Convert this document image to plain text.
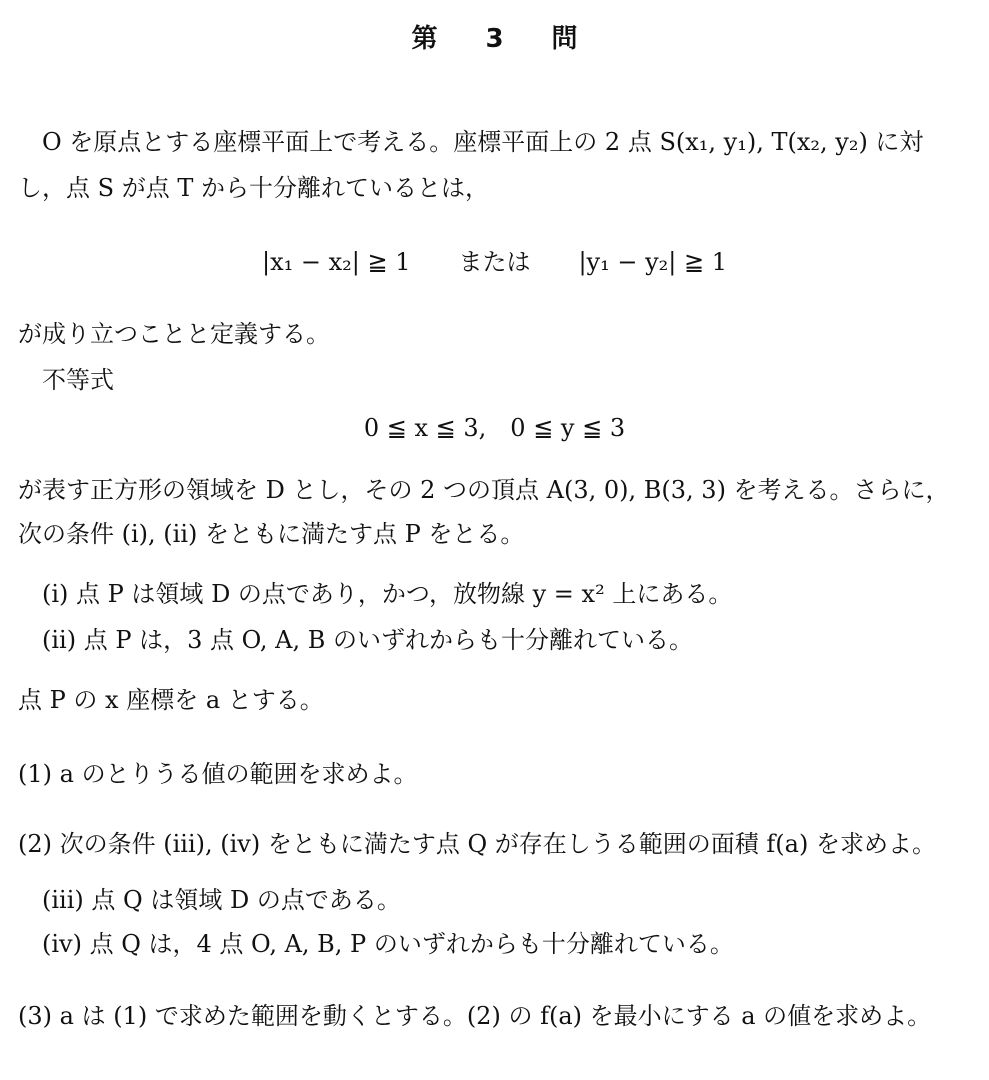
第 3 問
O を原点とする座標平面上で考える。座標平面上の 2 点 S(x₁, y₁), T(x₂, y₂) に対
し，点 S が点 T から十分離れているとは，
|x₁ − x₂| ≧ 1　　または　　|y₁ − y₂| ≧ 1
が成り立つことと定義する。
不等式
0 ≦ x ≦ 3,　0 ≦ y ≦ 3
が表す正方形の領域を D とし，その 2 つの頂点 A(3, 0), B(3, 3) を考える。さらに，
次の条件 (i), (ii) をともに満たす点 P をとる。
(i) 点 P は領域 D の点であり，かつ，放物線 y = x² 上にある。
(ii) 点 P は，3 点 O, A, B のいずれからも十分離れている。
点 P の x 座標を a とする。
(1) a のとりうる値の範囲を求めよ。
(2) 次の条件 (iii), (iv) をともに満たす点 Q が存在しうる範囲の面積 f(a) を求めよ。
(iii) 点 Q は領域 D の点である。
(iv) 点 Q は，4 点 O, A, B, P のいずれからも十分離れている。
(3) a は (1) で求めた範囲を動くとする。(2) の f(a) を最小にする a の値を求めよ。
